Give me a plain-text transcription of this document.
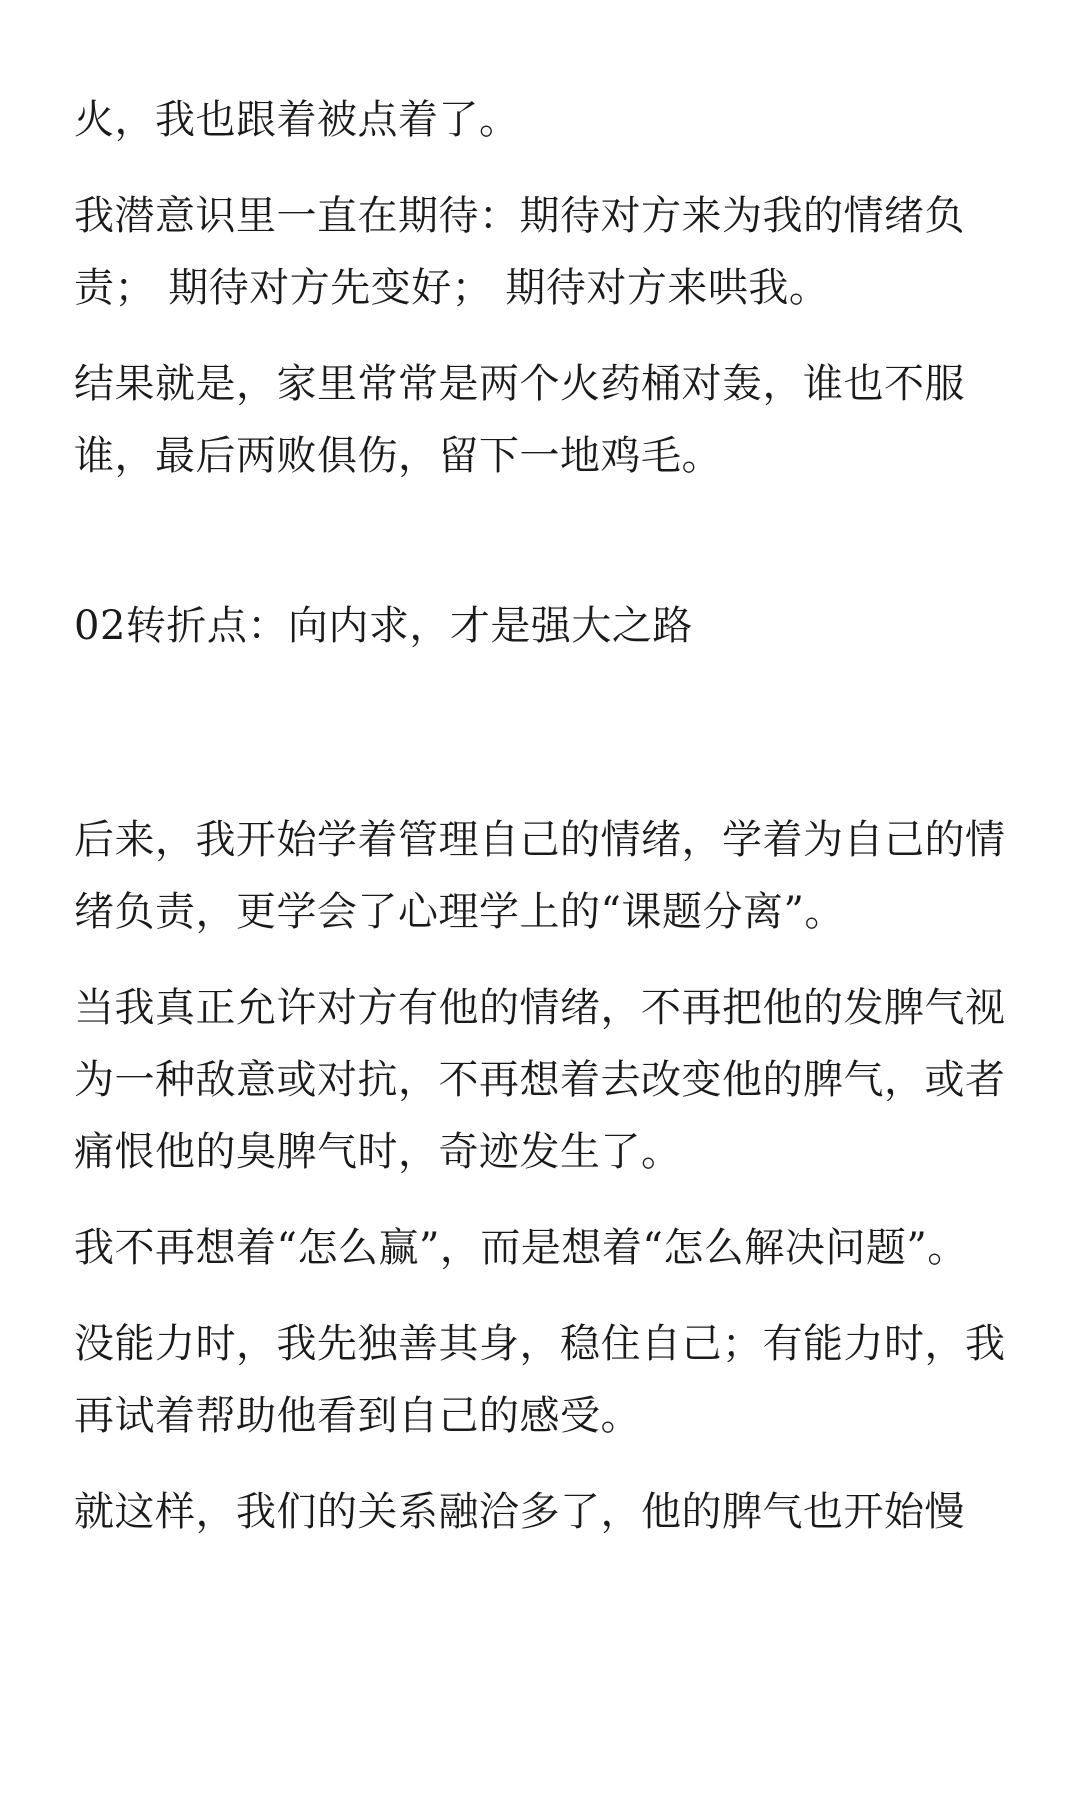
火，我也跟着被点着了。

我潜意识里一直在期待：期待对方来为我的情绪负责； 期待对方先变好； 期待对方来哄我。

结果就是，家里常常是两个火药桶对轰，谁也不服谁，最后两败俱伤，留下一地鸡毛。

02转折点：向内求，才是强大之路

后来，我开始学着管理自己的情绪，学着为自己的情绪负责，更学会了心理学上的“课题分离”。

当我真正允许对方有他的情绪，不再把他的发脾气视为一种敌意或对抗，不再想着去改变他的脾气，或者痛恨他的臭脾气时，奇迹发生了。

我不再想着“怎么赢”，而是想着“怎么解决问题”。

没能力时，我先独善其身，稳住自己；有能力时，我再试着帮助他看到自己的感受。

就这样，我们的关系融洽多了，他的脾气也开始慢
